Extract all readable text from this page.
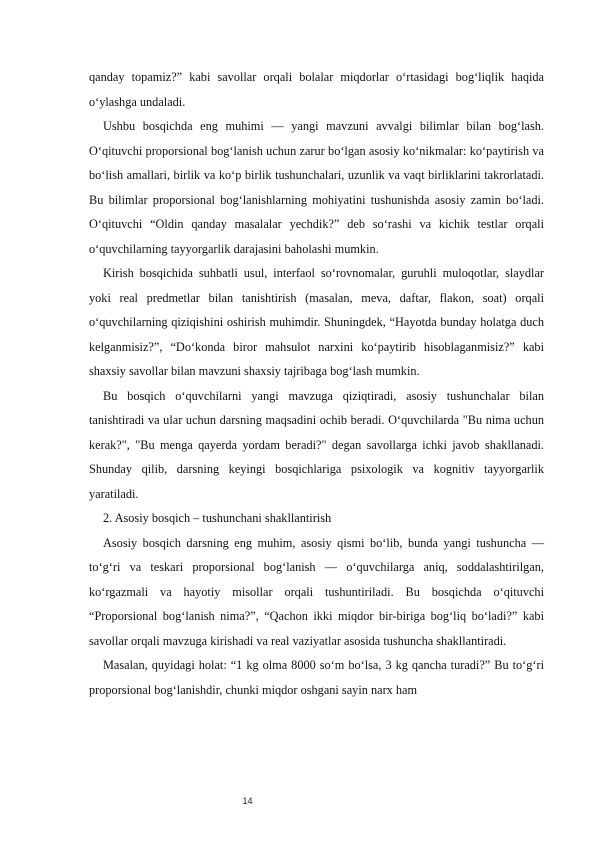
qanday topamiz?” kabi savollar orqali bolalar miqdorlar o‘rtasidagi bog‘liqlik haqida o‘ylashga undaladi.

Ushbu bosqichda eng muhimi — yangi mavzuni avvalgi bilimlar bilan bog‘lash. O‘qituvchi proporsional bog‘lanish uchun zarur bo‘lgan asosiy ko‘nikmalar: ko‘paytirish va bo‘lish amallari, birlik va ko‘p birlik tushunchalari, uzunlik va vaqt birliklarini takrorlatadi. Bu bilimlar proporsional bog‘lanishlarning mohiyatini tushunishda asosiy zamin bo‘ladi. O‘qituvchi “Oldin qanday masalalar yechdik?” deb so‘rashi va kichik testlar orqali o‘quvchilarning tayyorgarlik darajasini baholashi mumkin.

Kirish bosqichida suhbatli usul, interfaol so‘rovnomalar, guruhli muloqotlar, slaydlar yoki real predmetlar bilan tanishtirish (masalan, meva, daftar, flakon, soat) orqali o‘quvchilarning qiziqishini oshirish muhimdir. Shuningdek, “Hayotda bunday holatga duch kelganmisiz?”, “Do‘konda biror mahsulot narxini ko‘paytirib hisoblaganmisiz?” kabi shaxsiy savollar bilan mavzuni shaxsiy tajribaga bog‘lash mumkin.

Bu bosqich o‘quvchilarni yangi mavzuga qiziqtiradi, asosiy tushunchalar bilan tanishtiradi va ular uchun darsning maqsadini ochib beradi. O‘quvchilarda "Bu nima uchun kerak?", "Bu menga qayerda yordam beradi?" degan savollarga ichki javob shakllanadi. Shunday qilib, darsning keyingi bosqichlariga psixologik va kognitiv tayyorgarlik yaratiladi.

2. Asosiy bosqich – tushunchani shakllantirish

Asosiy bosqich darsning eng muhim, asosiy qismi bo‘lib, bunda yangi tushuncha — to‘g‘ri va teskari proporsional bog‘lanish — o‘quvchilarga aniq, soddalashtirilgan, ko‘rgazmali va hayotiy misollar orqali tushuntiriladi. Bu bosqichda o‘qituvchi “Proporsional bog‘lanish nima?”, “Qachon ikki miqdor bir-biriga bog‘liq bo‘ladi?” kabi savollar orqali mavzuga kirishadi va real vaziyatlar asosida tushuncha shakllantiradi.

Masalan, quyidagi holat: “1 kg olma 8000 so‘m bo‘lsa, 3 kg qancha turadi?” Bu to‘g‘ri proporsional bog‘lanishdir, chunki miqdor oshgani sayin narx ham

14
